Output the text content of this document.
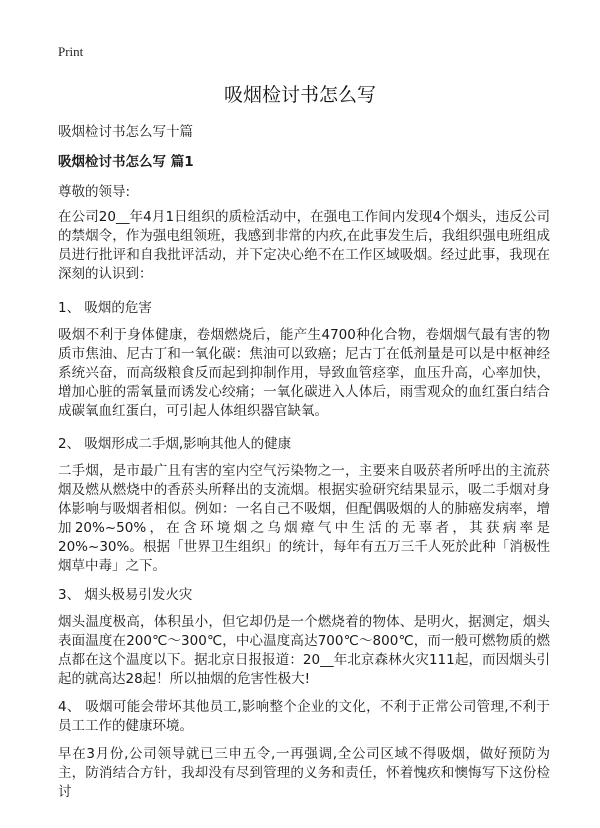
Print
吸烟检讨书怎么写
吸烟检讨书怎么写十篇
吸烟检讨书怎么写 篇1
尊敬的领导:

在公司20__年4月1日组织的质检活动中，在强电工作间内发现4个烟头，违反公司的禁烟令，作为强电组领班，我感到非常的内疚,在此事发生后，我组织强电班组成员进行批评和自我批评活动，并下定决心绝不在工作区域吸烟。经过此事，我现在深刻的认识到：

1、 吸烟的危害

吸烟不利于身体健康，卷烟燃烧后，能产生4700种化合物，卷烟烟气最有害的物质市焦油、尼古丁和一氧化碳：焦油可以致癌；尼古丁在低剂量是可以是中枢神经系统兴奋，而高级粮食反而起到抑制作用，导致血管痉挛，血压升高，心率加快，增加心脏的需氧量而诱发心绞痛；一氧化碳进入人体后，雨雪观众的血红蛋白结合成碳氧血红蛋白，可引起人体组织器官缺氧。

2、 吸烟形成二手烟,影响其他人的健康

二手烟，是市最广且有害的室内空气污染物之一，主要来自吸菸者所呼出的主流菸烟及燃从燃烧中的香菸头所释出的支流烟。根据实验研究结果显示，吸二手烟对身体影响与吸烟者相似。例如：一名自己不吸烟，但配偶吸烟的人的肺癌发病率，增加20%~50%，在含环境烟之乌烟瘴气中生活的无辜者，其获病率是20%~30%。根据「世界卫生组织」的统计，每年有五万三千人死於此种「消极性烟草中毒」之下。

3、 烟头极易引发火灾

烟头温度极高，体积虽小，但它却仍是一个燃烧着的物体、是明火，据测定，烟头表面温度在200℃～300℃，中心温度高达700℃～800℃，而一般可燃物质的燃点都在这个温度以下。据北京日报报道：20__年北京森林火灾111起，而因烟头引起的就高达28起！所以抽烟的危害性极大!

4、 吸烟可能会带坏其他员工,影响整个企业的文化，不利于正常公司管理,不利于员工工作的健康环境。

早在3月份,公司领导就已三申五令,一再强调,全公司区域不得吸烟，做好预防为主，防消结合方针，我却没有尽到管理的义务和责任，怀着愧疚和懊悔写下这份检讨
